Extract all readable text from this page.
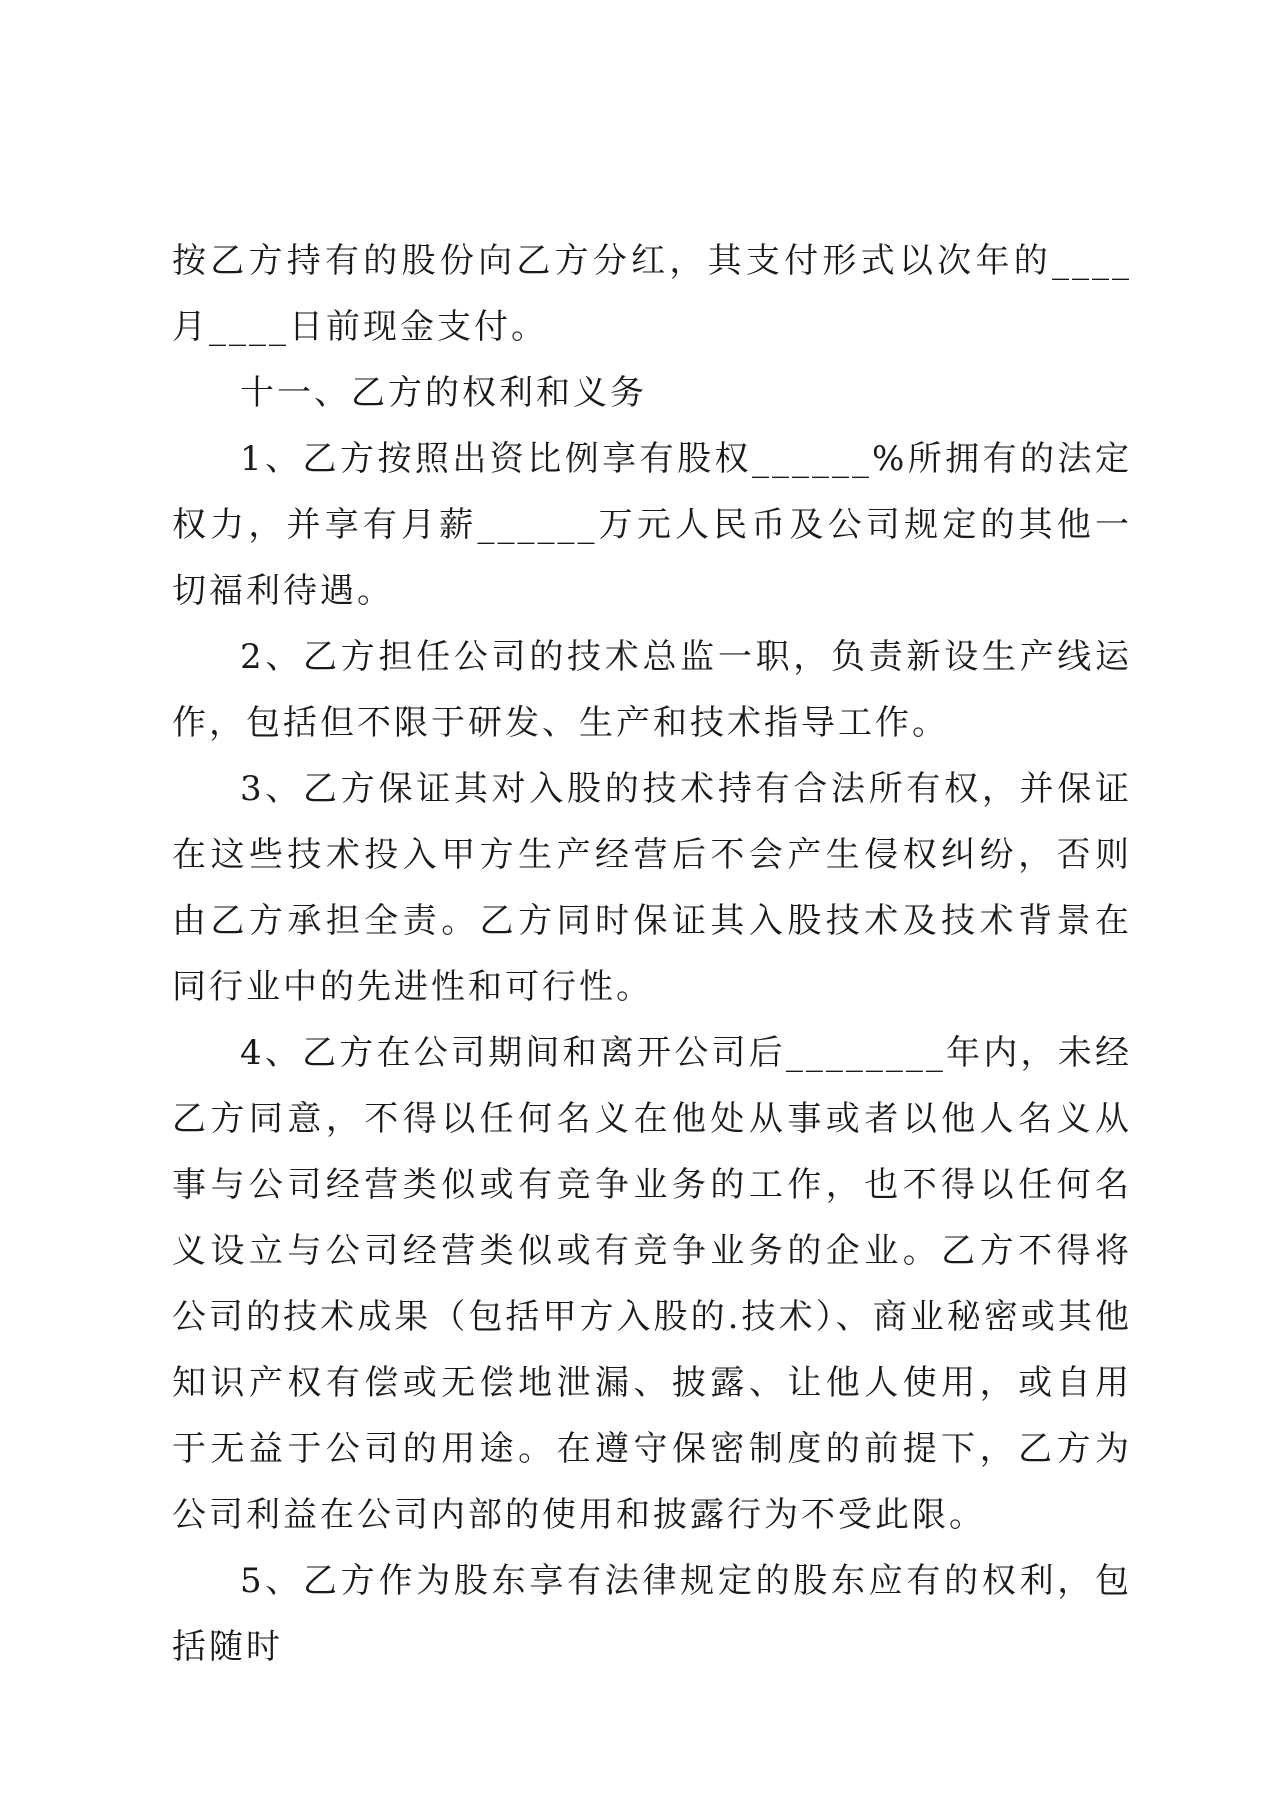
按乙方持有的股份向乙方分红，其支付形式以次年的____月____日前现金支付。

十一、乙方的权利和义务

1、乙方按照出资比例享有股权______%所拥有的法定权力，并享有月薪______万元人民币及公司规定的其他一切福利待遇。

2、乙方担任公司的技术总监一职，负责新设生产线运作，包括但不限于研发、生产和技术指导工作。

3、乙方保证其对入股的技术持有合法所有权，并保证在这些技术投入甲方生产经营后不会产生侵权纠纷，否则由乙方承担全责。乙方同时保证其入股技术及技术背景在同行业中的先进性和可行性。

4、乙方在公司期间和离开公司后________年内，未经乙方同意，不得以任何名义在他处从事或者以他人名义从事与公司经营类似或有竞争业务的工作，也不得以任何名义设立与公司经营类似或有竞争业务的企业。乙方不得将公司的技术成果（包括甲方入股的.技术）、商业秘密或其他知识产权有偿或无偿地泄漏、披露、让他人使用，或自用于无益于公司的用途。在遵守保密制度的前提下，乙方为公司利益在公司内部的使用和披露行为不受此限。

5、乙方作为股东享有法律规定的股东应有的权利，包括随时
